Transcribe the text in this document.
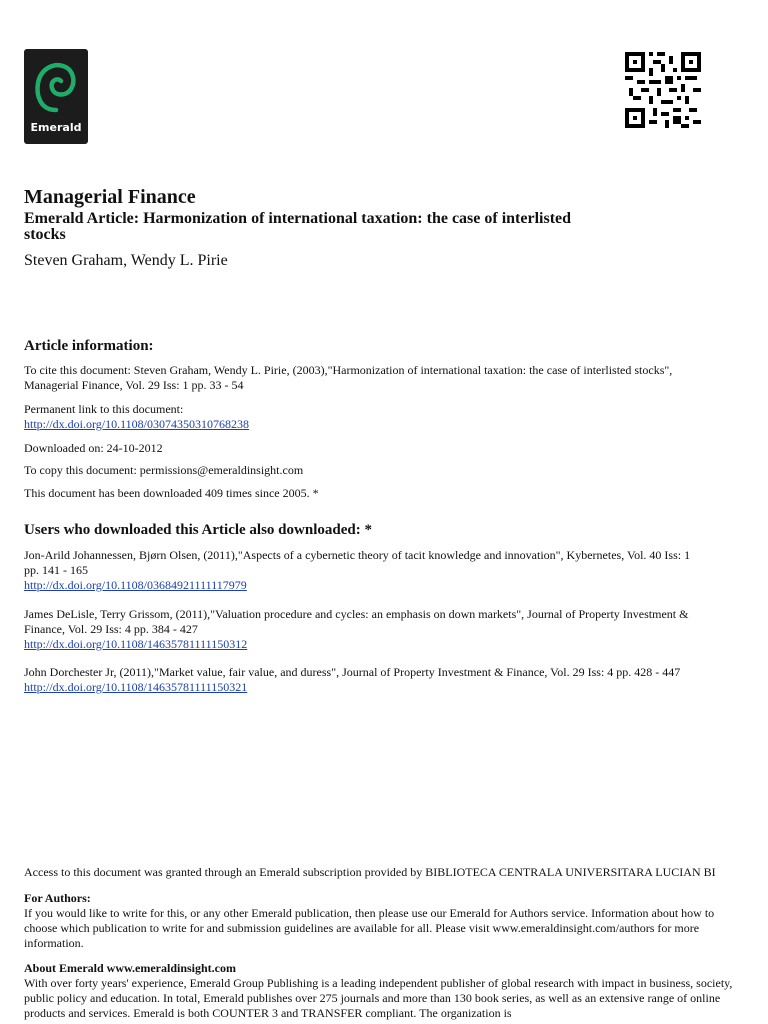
Emerald
Managerial Finance
Emerald Article: Harmonization of international taxation: the case of interlisted stocks
Steven Graham, Wendy L. Pirie
Article information:
To cite this document: Steven Graham, Wendy L. Pirie, (2003),"Harmonization of international taxation: the case of interlisted stocks", Managerial Finance, Vol. 29 Iss: 1 pp. 33 - 54
Permanent link to this document:
http://dx.doi.org/10.1108/03074350310768238
Downloaded on: 24-10-2012
To copy this document: permissions@emeraldinsight.com
This document has been downloaded 409 times since 2005. *
Users who downloaded this Article also downloaded: *
Jon-Arild Johannessen, Bjørn Olsen, (2011),"Aspects of a cybernetic theory of tacit knowledge and innovation", Kybernetes, Vol. 40 Iss: 1 pp. 141 - 165
http://dx.doi.org/10.1108/03684921111117979
James DeLisle, Terry Grissom, (2011),"Valuation procedure and cycles: an emphasis on down markets", Journal of Property Investment & Finance, Vol. 29 Iss: 4 pp. 384 - 427
http://dx.doi.org/10.1108/14635781111150312
John Dorchester Jr, (2011),"Market value, fair value, and duress", Journal of Property Investment & Finance, Vol. 29 Iss: 4 pp. 428 - 447
http://dx.doi.org/10.1108/14635781111150321
Access to this document was granted through an Emerald subscription provided by BIBLIOTECA CENTRALA UNIVERSITARA LUCIAN BI
For Authors:
If you would like to write for this, or any other Emerald publication, then please use our Emerald for Authors service. Information about how to choose which publication to write for and submission guidelines are available for all. Please visit www.emeraldinsight.com/authors for more information.
About Emerald www.emeraldinsight.com
With over forty years' experience, Emerald Group Publishing is a leading independent publisher of global research with impact in business, society, public policy and education. In total, Emerald publishes over 275 journals and more than 130 book series, as well as an extensive range of online products and services. Emerald is both COUNTER 3 and TRANSFER compliant. The organization is
